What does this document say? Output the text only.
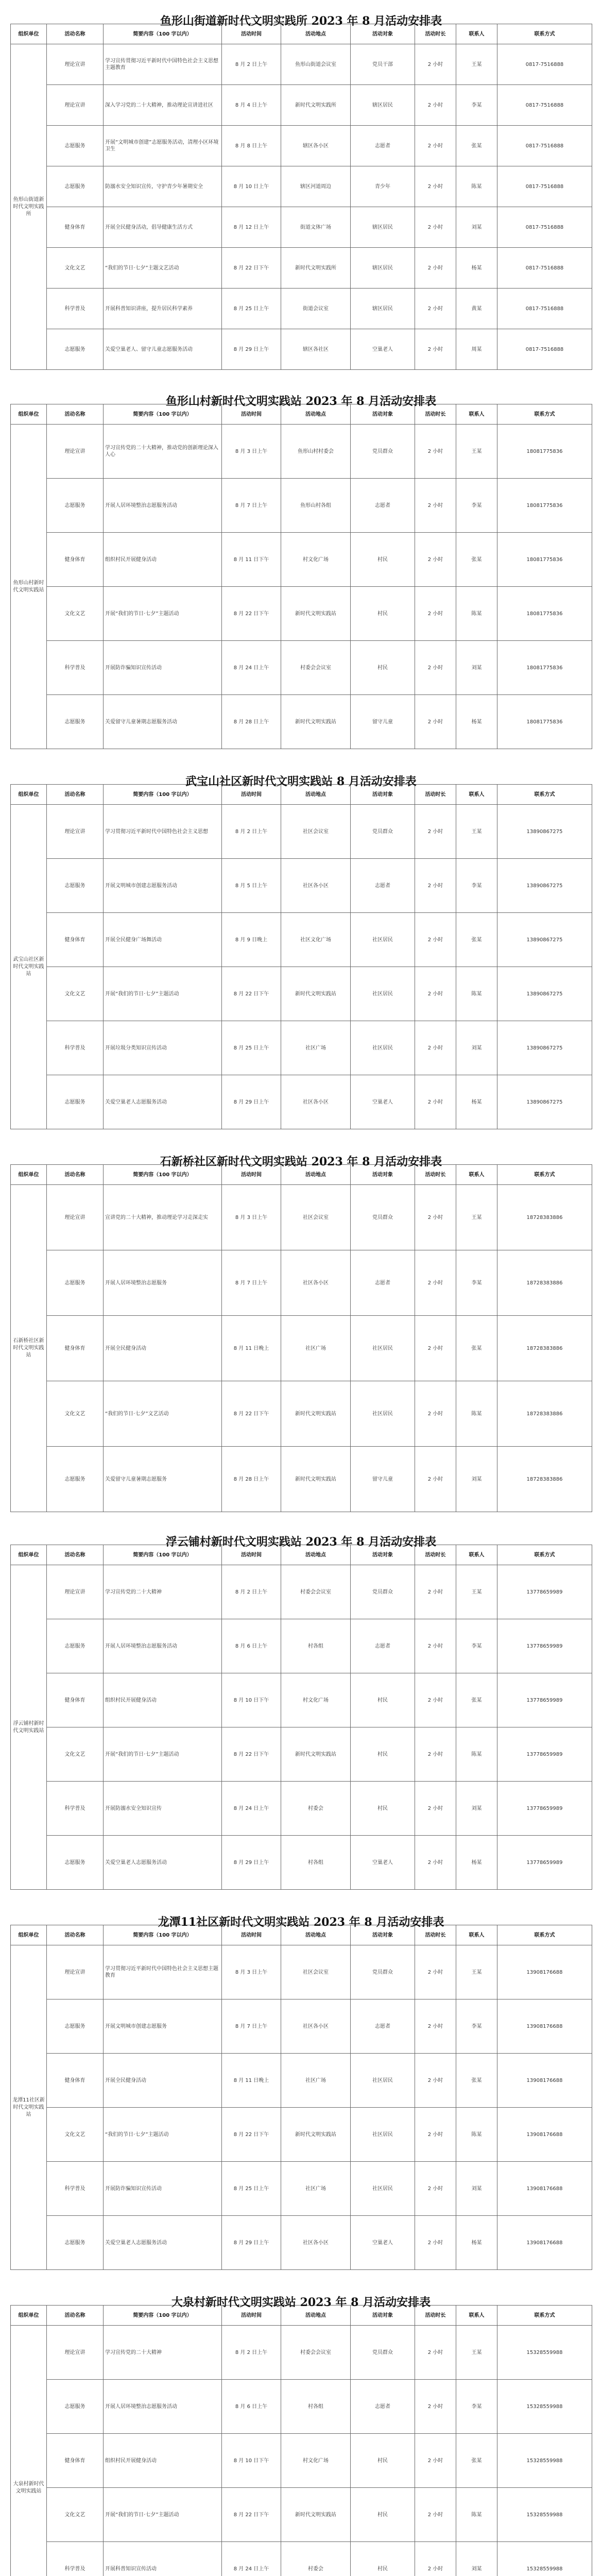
鱼形山街道新时代文明实践所 2023 年 8 月活动安排表
组织单位	活动名称	简要内容（100 字以内）	活动时间	活动地点	活动对象	活动时长	联系人	联系方式
鱼形山街道新时代文明实践所	理论宣讲	学习宣传贯彻习近平新时代中国特色社会主义思想主题教育	8 月 2 日上午	鱼形山街道会议室	党员干部	2 小时	王某	0817-7516888
	理论宣讲	深入学习党的二十大精神，推动理论宣讲进社区	8 月 4 日上午	新时代文明实践所	辖区居民	2 小时	李某	0817-7516888
	志愿服务	开展“文明城市创建”志愿服务活动，清理小区环境卫生	8 月 8 日上午	辖区各小区	志愿者	2 小时	张某	0817-7516888
	志愿服务	防溺水安全知识宣传，守护青少年暑期安全	8 月 10 日上午	辖区河道周边	青少年	2 小时	陈某	0817-7516888
	健身体育	开展全民健身活动，倡导健康生活方式	8 月 12 日上午	街道文体广场	辖区居民	2 小时	刘某	0817-7516888
	文化文艺	“我们的节日·七夕”主题文艺活动	8 月 22 日下午	新时代文明实践所	辖区居民	2 小时	杨某	0817-7516888
	科学普及	开展科普知识讲座，提升居民科学素养	8 月 25 日上午	街道会议室	辖区居民	2 小时	黄某	0817-7516888
	志愿服务	关爱空巢老人、留守儿童志愿服务活动	8 月 29 日上午	辖区各社区	空巢老人	2 小时	周某	0817-7516888
鱼形山村新时代文明实践站 2023 年 8 月活动安排表
组织单位	活动名称	简要内容（100 字以内）	活动时间	活动地点	活动对象	活动时长	联系人	联系方式
鱼形山村新时代文明实践站	理论宣讲	学习宣传党的二十大精神，推动党的创新理论深入人心	8 月 3 日上午	鱼形山村村委会	党员群众	2 小时	王某	18081775836
	志愿服务	开展人居环境整治志愿服务活动	8 月 7 日上午	鱼形山村各组	志愿者	2 小时	李某	18081775836
	健身体育	组织村民开展健身活动	8 月 11 日下午	村文化广场	村民	2 小时	张某	18081775836
	文化文艺	开展“我们的节日·七夕”主题活动	8 月 22 日下午	新时代文明实践站	村民	2 小时	陈某	18081775836
	科学普及	开展防诈骗知识宣传活动	8 月 24 日上午	村委会会议室	村民	2 小时	刘某	18081775836
	志愿服务	关爱留守儿童暑期志愿服务活动	8 月 28 日上午	新时代文明实践站	留守儿童	2 小时	杨某	18081775836
武宝山社区新时代文明实践站 8 月活动安排表
组织单位	活动名称	简要内容（100 字以内）	活动时间	活动地点	活动对象	活动时长	联系人	联系方式
武宝山社区新时代文明实践站	理论宣讲	学习贯彻习近平新时代中国特色社会主义思想	8 月 2 日上午	社区会议室	党员群众	2 小时	王某	13890867275
	志愿服务	开展文明城市创建志愿服务活动	8 月 5 日上午	社区各小区	志愿者	2 小时	李某	13890867275
	健身体育	开展全民健身广场舞活动	8 月 9 日晚上	社区文化广场	社区居民	2 小时	张某	13890867275
	文化文艺	开展“我们的节日·七夕”主题活动	8 月 22 日下午	新时代文明实践站	社区居民	2 小时	陈某	13890867275
	科学普及	开展垃圾分类知识宣传活动	8 月 25 日上午	社区广场	社区居民	2 小时	刘某	13890867275
	志愿服务	关爱空巢老人志愿服务活动	8 月 29 日上午	社区各小区	空巢老人	2 小时	杨某	13890867275
石新桥社区新时代文明实践站 2023 年 8 月活动安排表
组织单位	活动名称	简要内容（100 字以内）	活动时间	活动地点	活动对象	活动时长	联系人	联系方式
石新桥社区新时代文明实践站	理论宣讲	宣讲党的二十大精神，推动理论学习走深走实	8 月 3 日上午	社区会议室	党员群众	2 小时	王某	18728383886
	志愿服务	开展人居环境整治志愿服务	8 月 7 日上午	社区各小区	志愿者	2 小时	李某	18728383886
	健身体育	开展全民健身活动	8 月 11 日晚上	社区广场	社区居民	2 小时	张某	18728383886
	文化文艺	“我们的节日·七夕”文艺活动	8 月 22 日下午	新时代文明实践站	社区居民	2 小时	陈某	18728383886
	志愿服务	关爱留守儿童暑期志愿服务	8 月 28 日上午	新时代文明实践站	留守儿童	2 小时	刘某	18728383886
浮云铺村新时代文明实践站 2023 年 8 月活动安排表
组织单位	活动名称	简要内容（100 字以内）	活动时间	活动地点	活动对象	活动时长	联系人	联系方式
浮云铺村新时代文明实践站	理论宣讲	学习宣传党的二十大精神	8 月 2 日上午	村委会会议室	党员群众	2 小时	王某	13778659989
	志愿服务	开展人居环境整治志愿服务活动	8 月 6 日上午	村各组	志愿者	2 小时	李某	13778659989
	健身体育	组织村民开展健身活动	8 月 10 日下午	村文化广场	村民	2 小时	张某	13778659989
	文化文艺	开展“我们的节日·七夕”主题活动	8 月 22 日下午	新时代文明实践站	村民	2 小时	陈某	13778659989
	科学普及	开展防溺水安全知识宣传	8 月 24 日上午	村委会	村民	2 小时	刘某	13778659989
	志愿服务	关爱空巢老人志愿服务活动	8 月 29 日上午	村各组	空巢老人	2 小时	杨某	13778659989
龙潭11社区新时代文明实践站 2023 年 8 月活动安排表
组织单位	活动名称	简要内容（100 字以内）	活动时间	活动地点	活动对象	活动时长	联系人	联系方式
龙潭11社区新时代文明实践站	理论宣讲	学习贯彻习近平新时代中国特色社会主义思想主题教育	8 月 3 日上午	社区会议室	党员群众	2 小时	王某	13908176688
	志愿服务	开展文明城市创建志愿服务	8 月 7 日上午	社区各小区	志愿者	2 小时	李某	13908176688
	健身体育	开展全民健身活动	8 月 11 日晚上	社区广场	社区居民	2 小时	张某	13908176688
	文化文艺	“我们的节日·七夕”主题活动	8 月 22 日下午	新时代文明实践站	社区居民	2 小时	陈某	13908176688
	科学普及	开展防诈骗知识宣传活动	8 月 25 日上午	社区广场	社区居民	2 小时	刘某	13908176688
	志愿服务	关爱空巢老人志愿服务活动	8 月 29 日上午	社区各小区	空巢老人	2 小时	杨某	13908176688
大泉村新时代文明实践站 2023 年 8 月活动安排表
组织单位	活动名称	简要内容（100 字以内）	活动时间	活动地点	活动对象	活动时长	联系人	联系方式
大泉村新时代文明实践站	理论宣讲	学习宣传党的二十大精神	8 月 2 日上午	村委会会议室	党员群众	2 小时	王某	15328559988
	志愿服务	开展人居环境整治志愿服务活动	8 月 6 日上午	村各组	志愿者	2 小时	李某	15328559988
	健身体育	组织村民开展健身活动	8 月 10 日下午	村文化广场	村民	2 小时	张某	15328559988
	文化文艺	开展“我们的节日·七夕”主题活动	8 月 22 日下午	新时代文明实践站	村民	2 小时	陈某	15328559988
	科学普及	开展科普知识宣传活动	8 月 24 日上午	村委会	村民	2 小时	刘某	15328559988
